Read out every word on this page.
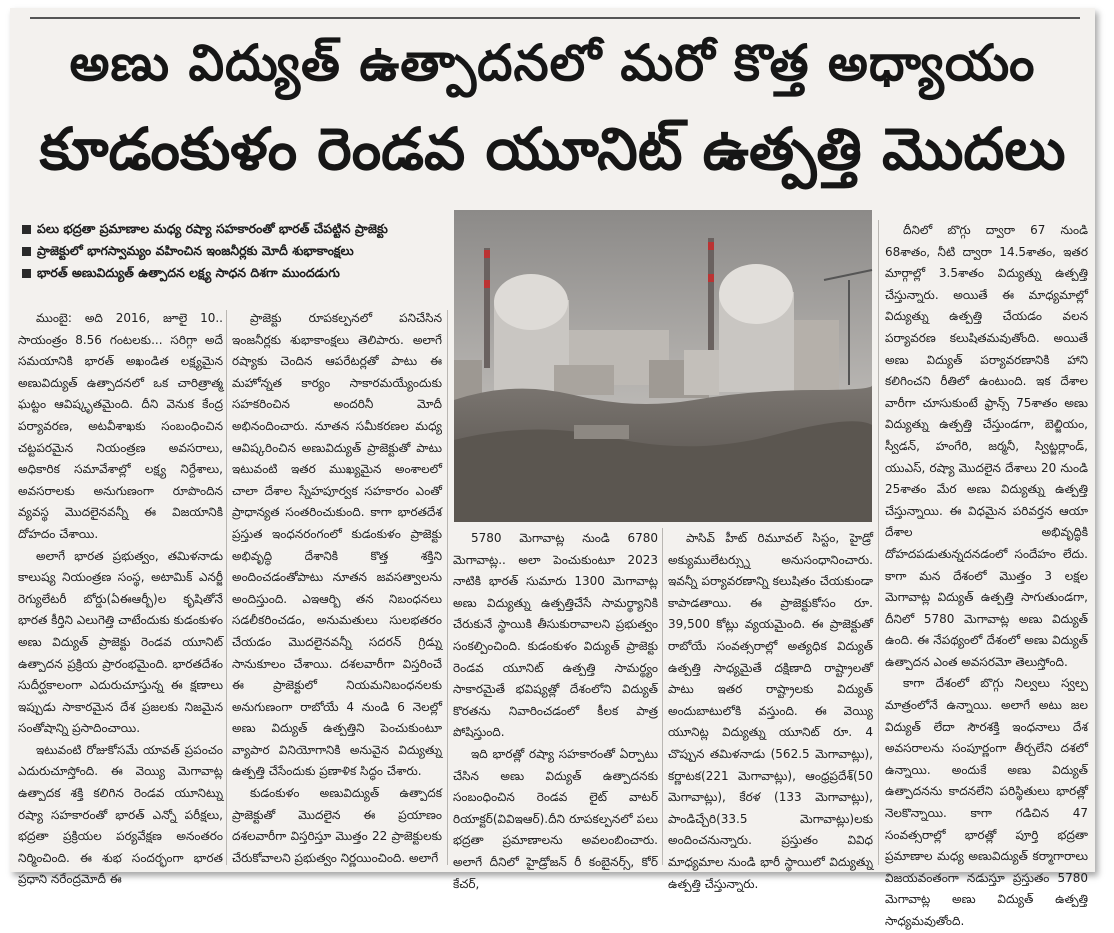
అణు విద్యుత్ ఉత్పాదనలో మరో కొత్త అధ్యాయం
కూడంకుళం రెండవ యూనిట్ ఉత్పత్తి మొదలు
పలు భద్రతా ప్రమాణాల మధ్య రష్యా సహకారంతో భారత్ చేపట్టిన ప్రాజెక్టు
ప్రాజెక్టులో భాగస్వామ్యం వహించిన ఇంజనీర్లకు మోదీ శుభాకాంక్షలు
భారత్ అణువిద్యుత్ ఉత్పాదన లక్ష్య సాధన దిశగా ముందడుగు

ముంబై: అది 2016, జూలై 10.. సాయంత్రం 8.56 గంటలకు... సరిగ్గా అదే సమయానికి భారత్ అఖండిత లక్ష్యమైన అణువిద్యుత్ ఉత్పాదనలో ఒక చారిత్రాత్మ ఘట్టం ఆవిష్కృతమైంది. దీని వెనుక కేంద్ర పర్యావరణ, అటవీశాఖకు సంబంధించిన చట్టపరమైన నియంత్రణ అవసరాలు, అధికారిక సమావేశాల్లో లక్ష్య నిర్దేశాలు, అవసరాలకు అనుగుణంగా రూపొందిన వ్యవస్థ మొదలైనవన్నీ ఈ విజయానికి దోహదం చేశాయి.

అలాగే భారత ప్రభుత్వం, తమిళనాడు కాలుష్య నియంత్రణ సంస్థ, అటామిక్ ఎనర్జీ రెగ్యులేటరీ బోర్డు(ఏఈఆర్బీ)ల కృషితోనే భారత కీర్తిని ఎలుగెత్తి చాటేందుకు కుడంకుళం అణు విద్యుత్ ప్రాజెక్టు రెండవ యూనిట్ ఉత్పాదన ప్రక్రియ ప్రారంభమైంది. భారతదేశం సుదీర్ఘకాలంగా ఎదురుచూస్తున్న ఈ క్షణాలు ఇప్పుడు సాకారమైన దేశ ప్రజలకు నిజమైన సంతోషాన్ని ప్రసాదించాయి.

ఇటువంటి రోజుకోసమే యావత్ ప్రపంచం ఎదురుచూస్తోంది. ఈ వెయ్యి మెగావాట్ల ఉత్పాదక శక్తి కలిగిన రెండవ యూనిట్ను రష్యా సహకారంతో భారత్ ఎన్నో పరీక్షలు, భద్రతా ప్రక్రియల పర్యవేక్షణ అనంతరం నిర్మించింది. ఈ శుభ సందర్భంగా భారత ప్రధాని నరేంద్రమోదీ ఈ

ప్రాజెక్టు రూపకల్పనలో పనిచేసిన ఇంజనీర్లకు శుభాకాంక్షలు తెలిపారు. అలాగే రష్యాకు చెందిన ఆపరేటర్లతో పాటు ఈ మహోన్నత కార్యం సాకారమయ్యేందుకు సహకరించిన అందరినీ మోదీ అభినందించారు. నూతన సమీకరణల మధ్య ఆవిష్కరించిన అణువిద్యుత్ ప్రాజెక్టుతో పాటు ఇటువంటి ఇతర ముఖ్యమైన అంశాలలో చాలా దేశాల స్నేహపూర్వక సహకారం ఎంతో ప్రాధాన్యత సంతరించుకుంది. కాగా భారతదేశ ప్రస్తుత ఇంధనరంగంలో కుడంకుళం ప్రాజెక్టు అభివృద్ధి దేశానికి కొత్త శక్తిని అందించడంతోపాటు నూతన జవసత్వాలను అందిస్తుంది. ఎఇఆర్బి తన నిబంధనలు సడలీకరించడం, అనుమతులు సులభతరం చేయడం మొదలైనవన్నీ సదరన్ గ్రిడ్ను సానుకూలం చేశాయి. దశలవారీగా విస్తరించే ఈ ప్రాజెక్టులో నియమనిబంధనలకు అనుగుణంగా రాబోయే 4 నుండి 6 నెలల్లో అణు విద్యుత్ ఉత్పత్తిని పెంచుకుంటూ వ్యాపార వినియోగానికి అనువైన విద్యుత్ను ఉత్పత్తి చేసేందుకు ప్రణాళిక సిద్ధం చేశారు.

కుడంకుళం అణువిద్యుత్ ఉత్పాదక ప్రాజెక్టుతో మొదలైన ఈ ప్రయాణం దశలవారీగా విస్తరిస్తూ మొత్తం 22 ప్రాజెక్టులకు చేరుకోవాలని ప్రభుత్వం నిర్ణయించింది. అలాగే

5780 మెగావాట్ల నుండి 6780 మెగావాట్ల.. అలా పెంచుకుంటూ 2023 నాటికి భారత్ సుమారు 1300 మెగావాట్ల అణు విద్యుత్ను ఉత్పత్తిచేసే సామర్థ్యానికి చేరుకునే స్థాయికి తీసుకురావాలని ప్రభుత్వం సంకల్పించింది. కుడంకుళం విద్యుత్ ప్రాజెక్టు రెండవ యూనిట్ ఉత్పత్తి సామర్థ్యం సాకారమైతే భవిష్యత్లో దేశంలోని విద్యుత్ కొరతను నివారించడంలో కీలక పాత్ర పోషిస్తుంది.

ఇది భారత్లో రష్యా సహకారంతో ఏర్పాటు చేసిన అణు విద్యుత్ ఉత్పాదనకు సంబంధించిన రెండవ లైట్ వాటర్ రియాక్టర్(వివిఇఆర్).దీని రూపకల్పనలో పలు భద్రతా ప్రమాణాలను అవలంబించారు. అలాగే దీనిలో హైడ్రోజన్ రీ కంబైనర్స్, కోర్ కేచర్,

పాసివ్ హీట్ రిమూవల్ సిస్టం, హైడ్రో అక్యుములేటర్స్ను అనుసంధానించారు. ఇవన్నీ పర్యావరణాన్ని కలుషితం చేయకుండా కాపాడతాయి. ఈ ప్రాజెక్టుకోసం రూ. 39,500 కోట్లు వ్యయమైంది. ఈ ప్రాజెక్టుతో రాబోయే సంవత్సరాల్లో అత్యధిక విద్యుత్ ఉత్పత్తి సాధ్యమైతే దక్షిణాది రాష్ట్రాలతో పాటు ఇతర రాష్ట్రాలకు విద్యుత్ అందుబాటులోకి వస్తుంది. ఈ వెయ్యి యూనిట్ల విద్యుత్ను యూనిట్ రూ. 4 చొప్పున తమిళనాడు (562.5 మెగావాట్లు), కర్ణాటక(221 మెగావాట్లు), ఆంధ్రప్రదేశ్(50 మెగావాట్లు), కేరళ (133 మెగావాట్లు), పాండిచ్చేరి(33.5 మెగావాట్లు)లకు అందించనున్నారు. ప్రస్తుతం వివిధ మాధ్యమాల నుండి భారీ స్థాయిలో విద్యుత్ను ఉత్పత్తి చేస్తున్నారు.

దీనిలో బొగ్గు ద్వారా 67 నుండి 68శాతం, నీటి ద్వారా 14.5శాతం, ఇతర మార్గాల్లో 3.5శాతం విద్యుత్ను ఉత్పత్తి చేస్తున్నారు. అయితే ఈ మాధ్యమాల్లో విద్యుత్ను ఉత్పత్తి చేయడం వలన పర్యావరణ కలుషితమవుతోంది. అయితే అణు విద్యుత్ పర్యావరణానికి హాని కలిగించని రీతిలో ఉంటుంది. ఇక దేశాల వారీగా చూసుకుంటే ఫ్రాన్స్ 75శాతం అణు విద్యుత్ను ఉత్పత్తి చేస్తుండగా, బెల్జియం, స్వీడన్, హంగేరి, జర్మనీ, స్విట్జర్లాండ్, యుఎస్, రష్యా మొదలైన దేశాలు 20 నుండి 25శాతం మేర అణు విద్యుత్ను ఉత్పత్తి చేస్తున్నాయి. ఈ విధమైన పరివర్తన ఆయా దేశాల అభివృద్ధికి దోహదపడుతున్నదనడంలో సందేహం లేదు. కాగా మన దేశంలో మొత్తం 3 లక్షల మెగావాట్ల విద్యుత్ ఉత్పత్తి సాగుతుండగా, దీనిలో 5780 మెగావాట్ల అణు విద్యుత్ ఉంది. ఈ నేపథ్యంలో దేశంలో అణు విద్యుత్ ఉత్పాదన ఎంత అవసరమో తెలుస్తోంది.

కాగా దేశంలో బొగ్గు నిల్వలు స్వల్ప మాత్రంలోనే ఉన్నాయి. అలాగే అటు జల విద్యుత్ లేదా సౌరశక్తి ఇంధనాలు దేశ అవసరాలను సంపూర్ణంగా తీర్చలేని దశలో ఉన్నాయి. అందుకే అణు విద్యుత్ ఉత్పాదనను కాదనలేని పరిస్థితులు భారత్లో నెలకొన్నాయి. కాగా గడిచిన 47 సంవత్సరాల్లో భారత్లో పూర్తి భద్రతా ప్రమాణాల మధ్య అణువిద్యుత్ కర్మాగారాలు విజయవంతంగా నడుస్తూ ప్రస్తుతం 5780 మెగావాట్ల అణు విద్యుత్ ఉత్పత్తి సాధ్యమవుతోంది.
